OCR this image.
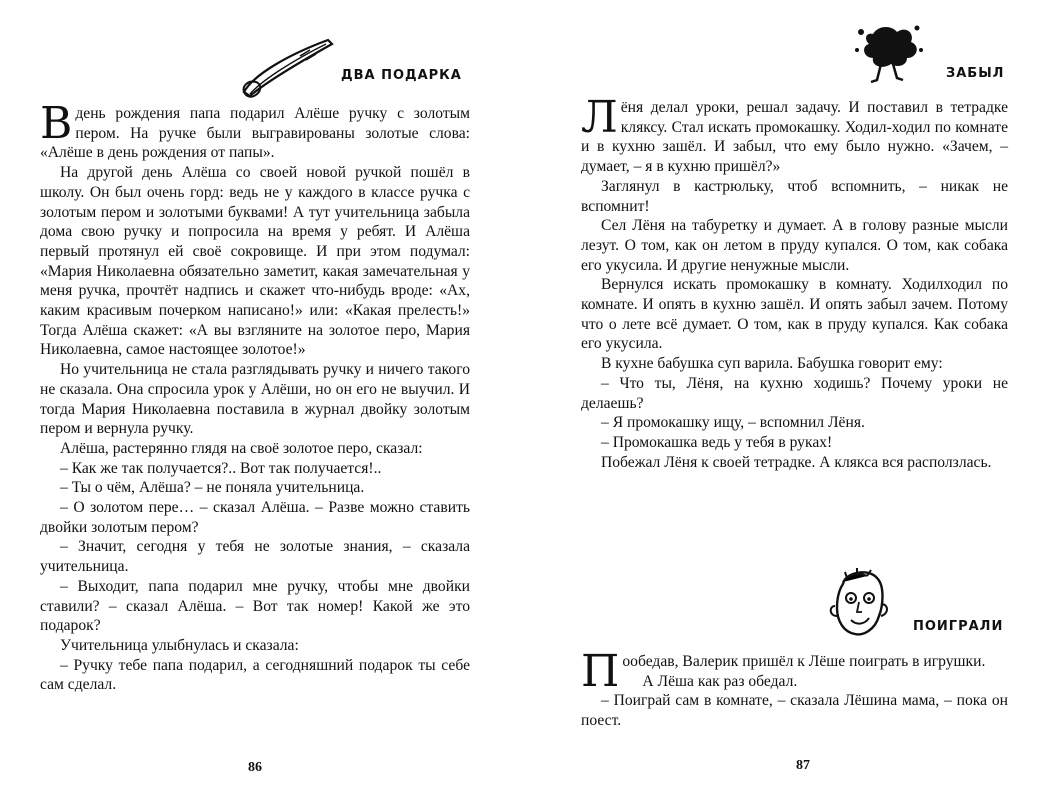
ДВА ПОДАРКА

Вдень рождения папа подарил Алёше ручку с золотым пером. На ручке были выгравированы золотые слова: «Алёше в день рождения от папы».

На другой день Алёша со своей новой ручкой пошёл в школу. Он был очень горд: ведь не у каждого в классе ручка с золотым пером и золотыми буквами! А тут учительница забыла дома свою ручку и попросила на время у ребят. И Алёша первый протянул ей своё сокровище. И при этом подумал: «Мария Николаевна обязательно заметит, какая замечательная у меня ручка, прочтёт надпись и скажет что-нибудь вроде: «Ах, каким красивым почерком написано!» или: «Какая прелесть!» Тогда Алёша скажет: «А вы взгляните на золотое перо, Мария Николаевна, самое настоящее золотое!»

Но учительница не стала разглядывать ручку и ничего такого не сказала. Она спросила урок у Алёши, но он его не выучил. И тогда Мария Николаевна поставила в журнал двойку золотым пером и вернула ручку.

Алёша, растерянно глядя на своё золотое перо, сказал:

– Как же так получается?.. Вот так получается!..

– Ты о чём, Алёша? – не поняла учительница.

– О золотом пере… – сказал Алёша. – Разве можно ставить двойки золотым пером?

– Значит, сегодня у тебя не золотые знания, – сказала учительница.

– Выходит, папа подарил мне ручку, чтобы мне двойки ставили? – сказал Алёша. – Вот так номер! Какой же это подарок?

Учительница улыбнулась и сказала:

– Ручку тебе папа подарил, а сегодняшний подарок ты себе сам сделал.

86
ЗАБЫЛ

Лёня делал уроки, решал задачу. И поставил в тетрадке кляксу. Стал искать промокашку. Ходил-ходил по комнате и в кухню зашёл. И забыл, что ему было нужно. «Зачем, – думает, – я в кухню пришёл?»

Заглянул в кастрюльку, чтоб вспомнить, – никак не вспомнит!

Сел Лёня на табуретку и думает. А в голову разные мысли лезут. О том, как он летом в пруду купался. О том, как собака его укусила. И другие ненужные мысли.

Вернулся искать промокашку в комнату. Ходилходил по комнате. И опять в кухню зашёл. И опять забыл зачем. Потому что о лете всё думает. О том, как в пруду купался. Как собака его укусила.

В кухне бабушка суп варила. Бабушка говорит ему:

– Что ты, Лёня, на кухню ходишь? Почему уроки не делаешь?

– Я промокашку ищу, – вспомнил Лёня.

– Промокашка ведь у тебя в руках!

Побежал Лёня к своей тетрадке. А клякса вся расползлась.

ПОИГРАЛИ

Пообедав, Валерик пришёл к Лёше поиграть в игрушки.

А Лёша как раз обедал.

– Поиграй сам в комнате, – сказала Лёшина мама, – пока он поест.

87
